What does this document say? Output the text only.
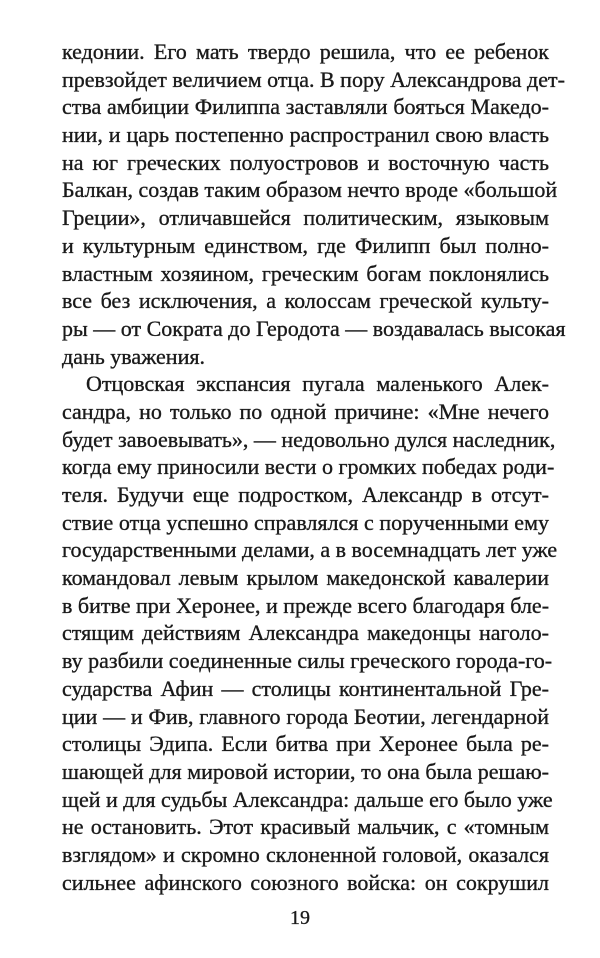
кедонии. Его мать твердо решила, что ее ребенок
превзойдет величием отца. В пору Александрова дет-
ства амбиции Филиппа заставляли бояться Македо-
нии, и царь постепенно распространил свою власть
на юг греческих полуостровов и восточную часть
Балкан, создав таким образом нечто вроде «большой
Греции», отличавшейся политическим, языковым
и культурным единством, где Филипп был полно-
властным хозяином, греческим богам поклонялись
все без исключения, а колоссам греческой культу-
ры — от Сократа до Геродота — воздавалась высокая
дань уважения.
Отцовская экспансия пугала маленького Алек-
сандра, но только по одной причине: «Мне нечего
будет завоевывать», — недовольно дулся наследник,
когда ему приносили вести о громких победах роди-
теля. Будучи еще подростком, Александр в отсут-
ствие отца успешно справлялся с порученными ему
государственными делами, а в восемнадцать лет уже
командовал левым крылом македонской кавалерии
в битве при Херонее, и прежде всего благодаря бле-
стящим действиям Александра македонцы наголо-
ву разбили соединенные силы греческого города-го-
сударства Афин — столицы континентальной Гре-
ции — и Фив, главного города Беотии, легендарной
столицы Эдипа. Если битва при Херонее была ре-
шающей для мировой истории, то она была решаю-
щей и для судьбы Александра: дальше его было уже
не остановить. Этот красивый мальчик, с «томным
взглядом» и скромно склоненной головой, оказался
сильнее афинского союзного войска: он сокрушил
19
